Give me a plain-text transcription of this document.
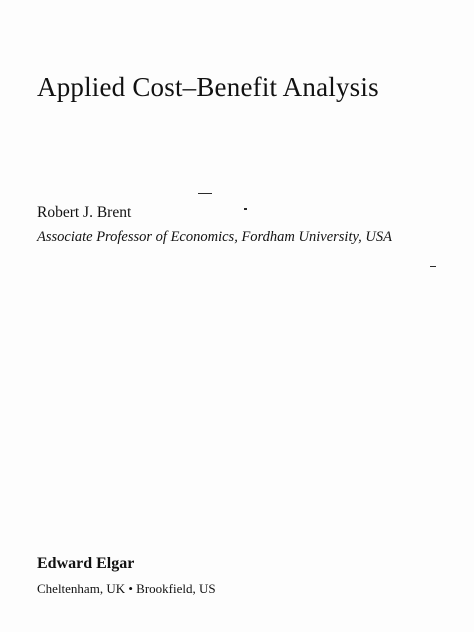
Applied Cost–Benefit Analysis
Robert J. Brent
Associate Professor of Economics, Fordham University, USA
Edward Elgar
Cheltenham, UK • Brookfield, US
